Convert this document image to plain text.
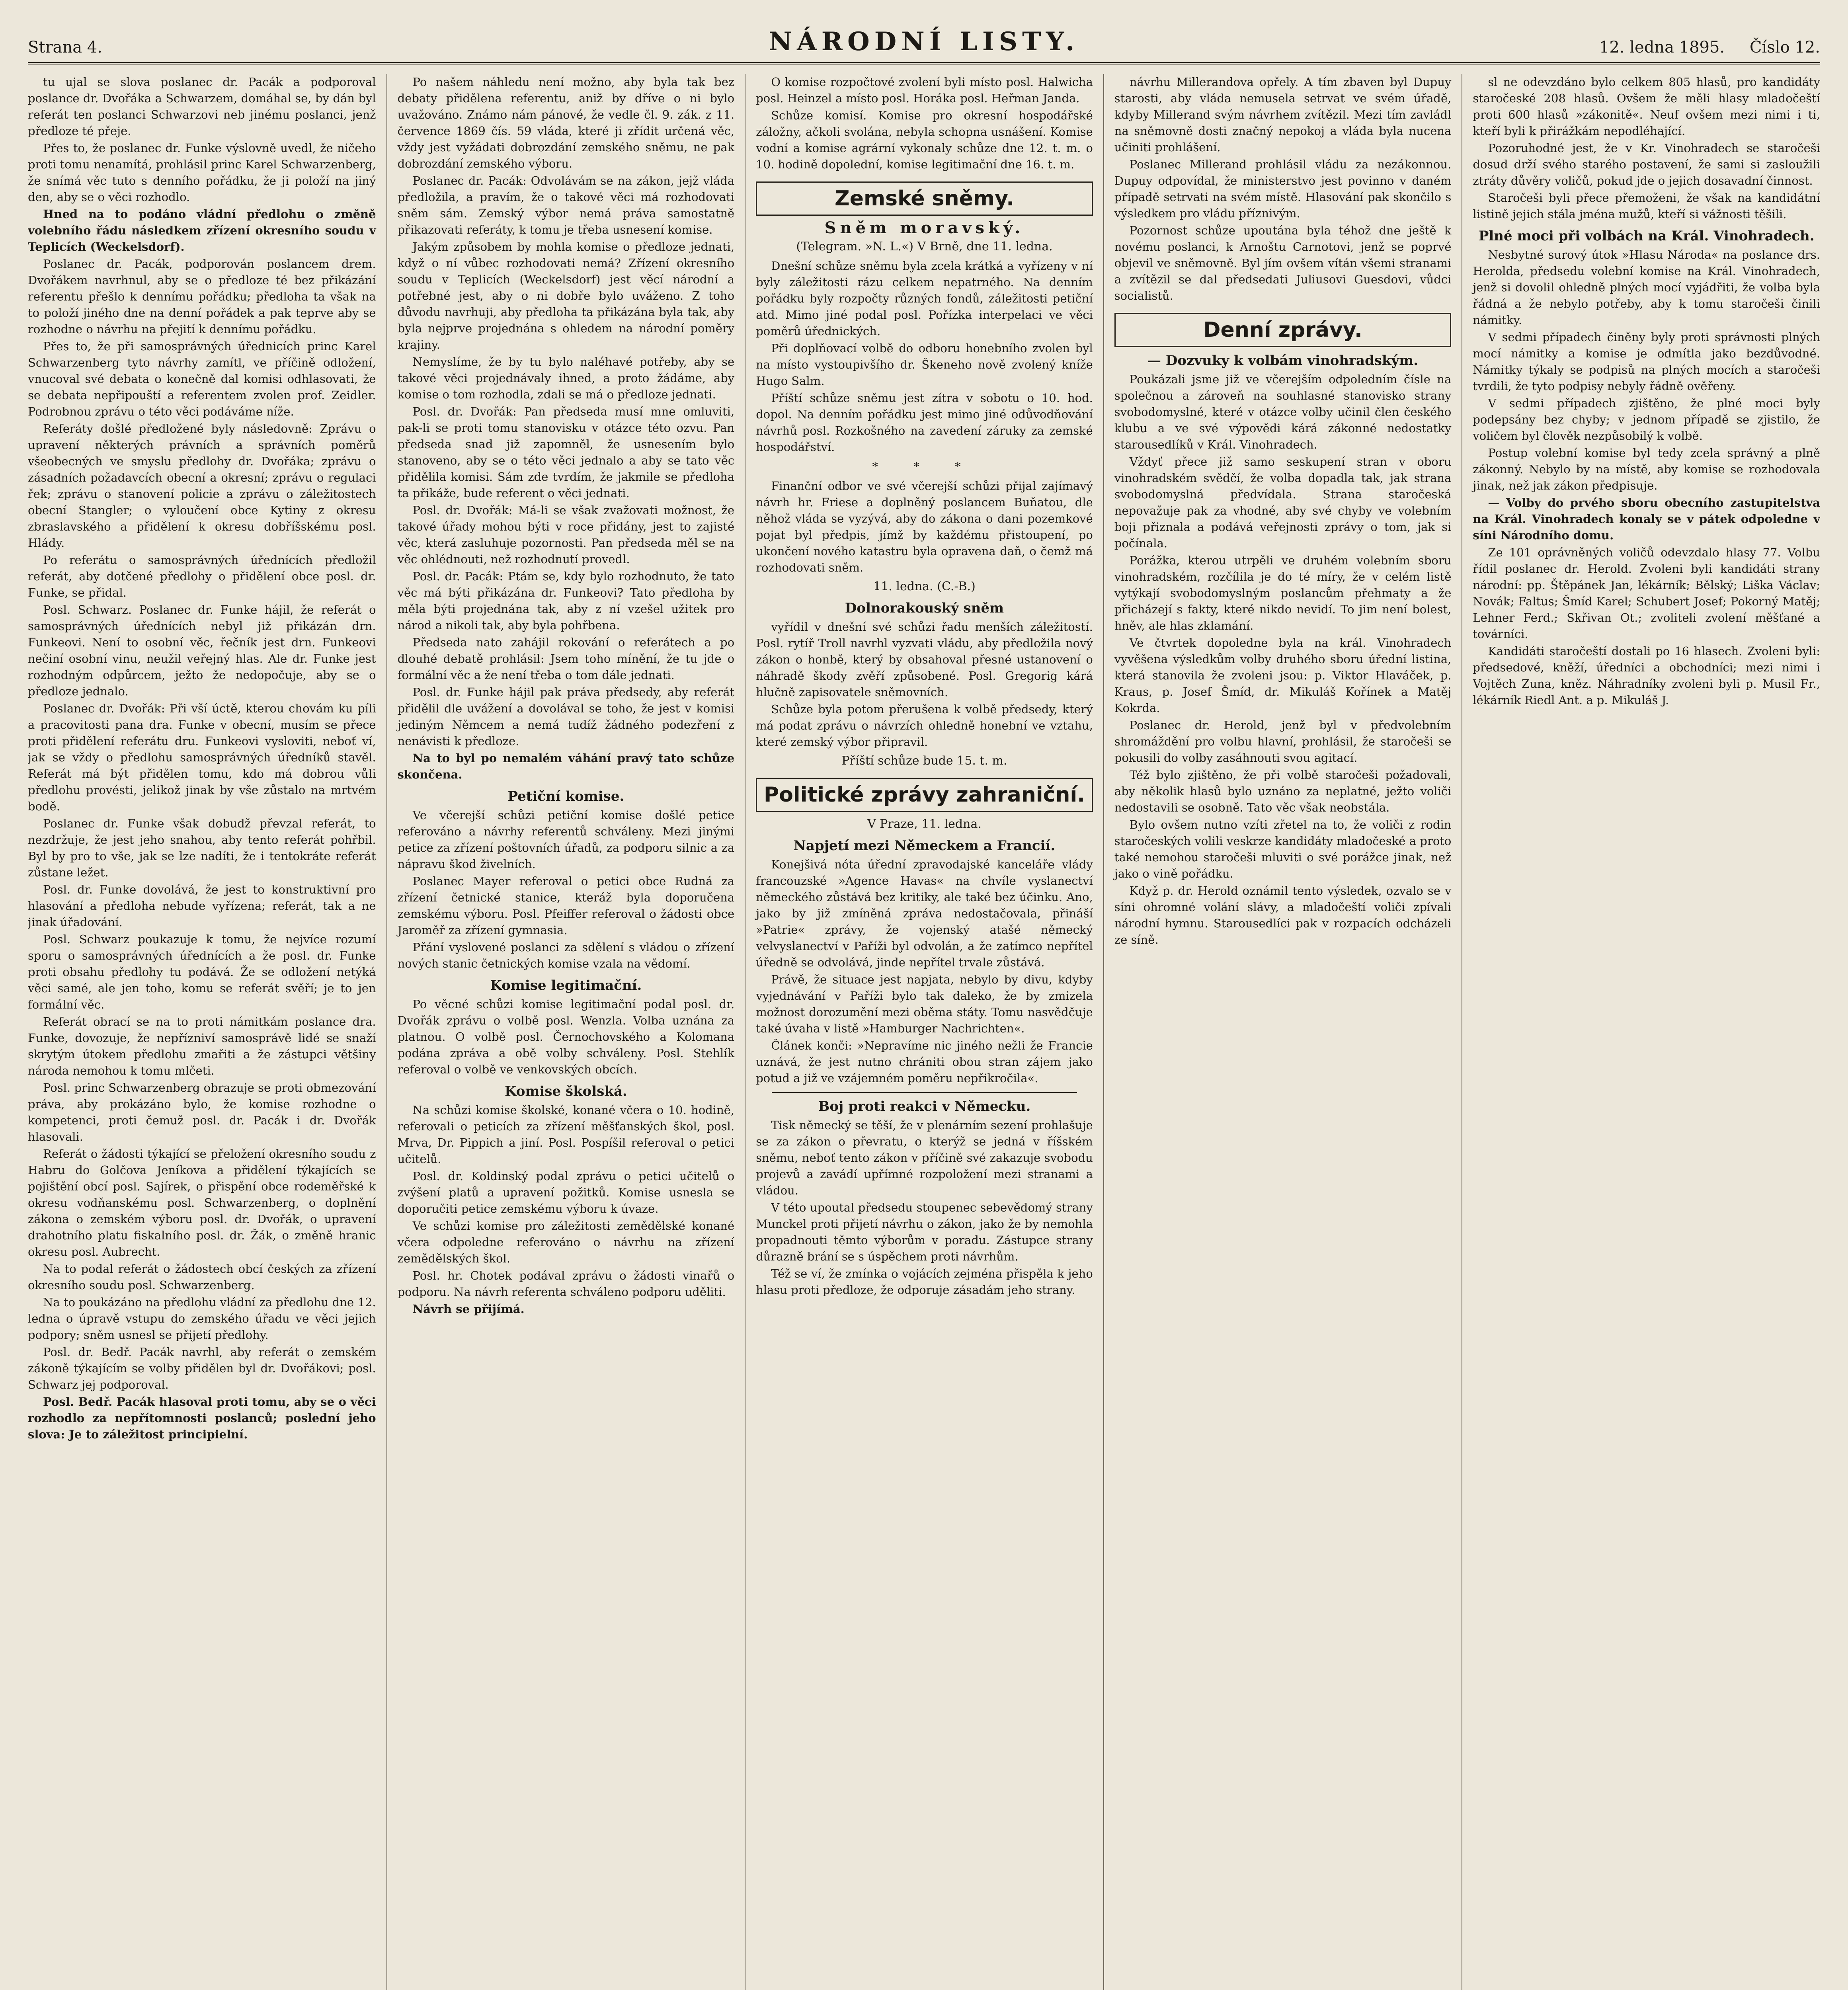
Strana 4.	NÁRODNÍ LISTY.	12. ledna 1895. Číslo 12.

tu ujal se slova poslanec dr. Pacák a podporoval poslance dr. Dvořáka a Schwarzem, domáhal se, by dán byl referát ten poslanci Schwarzovi neb jinému poslanci, jenž předloze té přeje.

Přes to, že poslanec dr. Funke výslovně uvedl, že ničeho proti tomu nenamítá, prohlásil princ Karel Schwarzenberg, že snímá věc tuto s denního pořádku, že ji položí na jiný den, aby se o věci rozhodlo.

Hned na to podáno vládní předlohu o změně volebního řádu následkem zřízení okresního soudu v Teplicích (Weckelsdorf).

Poslanec dr. Pacák, podporován poslancem drem. Dvořákem navrhnul, aby se o předloze té bez přikázání referentu přešlo k dennímu pořádku; předloha ta však na to položí jiného dne na denní pořádek a pak teprve aby se rozhodne o návrhu na přejití k dennímu pořádku.

Přes to, že při samosprávných úřednicích princ Karel Schwarzenberg tyto návrhy zamítl, ve příčině odložení, vnucoval své debata o konečně dal komisi odhlasovati, že se debata nepřipouští a referentem zvolen prof. Zeidler. Podrobnou zprávu o této věci podáváme níže.

Referáty došlé předložené byly následovně: Zprávu o upravení některých právních a správních poměrů všeobecných ve smyslu předlohy dr. Dvořáka; zprávu o zásadních požadavcích obecní a okresní; zprávu o regulaci řek; zprávu o stanovení policie a zprávu o záležitostech obecní Stangler; o vyloučení obce Kytiny z okresu zbraslavského a přidělení k okresu dobříšskému posl. Hlády.

Po referátu o samosprávných úřednících předložil referát, aby dotčené předlohy o přidělení obce posl. dr. Funke, se přidal.

Posl. Schwarz. Poslanec dr. Funke hájil, že referát o samosprávných úřednících nebyl již přikázán drn. Funkeovi. Není to osobní věc, řečník jest drn. Funkeovi nečiní osobní vinu, neužil veřejný hlas. Ale dr. Funke jest rozhodným odpůrcem, ježto že nedopočuje, aby se o předloze jednalo.

Poslanec dr. Dvořák: Při vší úctě, kterou chovám ku píli a pracovitosti pana dra. Funke v obecní, musím se přece proti přidělení referátu dru. Funkeovi vysloviti, neboť ví, jak se vždy o předlohu samosprávných úředníků stavěl. Referát má být přidělen tomu, kdo má dobrou vůli předlohu provésti, jelikož jinak by vše zůstalo na mrtvém bodě.

Poslanec dr. Funke však dobudž převzal referát, to nezdržuje, že jest jeho snahou, aby tento referát pohřbil. Byl by pro to vše, jak se lze nadíti, že i tentokráte referát zůstane ležet.

Posl. dr. Funke dovolává, že jest to konstruktivní pro hlasování a předloha nebude vyřízena; referát, tak a ne jinak úřadování.

Posl. Schwarz poukazuje k tomu, že nejvíce rozumí sporu o samosprávných úřednících a že posl. dr. Funke proti obsahu předlohy tu podává. Že se odložení netýká věci samé, ale jen toho, komu se referát svěří; je to jen formální věc.

Referát obrací se na to proti námitkám poslance dra. Funke, dovozuje, že nepřízniví samosprávě lidé se snaží skrytým útokem předlohu zmařiti a že zástupci většiny národa nemohou k tomu mlčeti.

Posl. princ Schwarzenberg obrazuje se proti obmezování práva, aby prokázáno bylo, že komise rozhodne o kompetenci, proti čemuž posl. dr. Pacák i dr. Dvořák hlasovali.

Referát o žádosti týkající se přeložení okresního soudu z Habru do Golčova Jeníkova a přidělení týkajících se pojištění obcí posl. Sajírek, o přispění obce rodeměřské k okresu vodňanskému posl. Schwarzenberg, o doplnění zákona o zemském výboru posl. dr. Dvořák, o upravení drahotního platu fiskalního posl. dr. Žák, o změně hranic okresu posl. Aubrecht.

Na to podal referát o žádostech obcí českých za zřízení okresního soudu posl. Schwarzenberg.

Na to poukázáno na předlohu vládní za předlohu dne 12. ledna o úpravě vstupu do zemského úřadu ve věci jejich podpory; sněm usnesl se přijetí předlohy.

Posl. dr. Bedř. Pacák navrhl, aby referát o zemském zákoně týkajícím se volby přidělen byl dr. Dvořákovi; posl. Schwarz jej podporoval.

Posl. Bedř. Pacák hlasoval proti tomu, aby se o věci rozhodlo za nepřítomnosti poslanců; poslední jeho slova: Je to záležitost principielní.

Po našem náhledu není možno, aby byla tak bez debaty přidělena referentu, aniž by dříve o ni bylo uvažováno. Známo nám pánové, že vedle čl. 9. zák. z 11. července 1869 čís. 59 vláda, které ji zřídit určená věc, vždy jest vyžádati dobrozdání zemského sněmu, ne pak dobrozdání zemského výboru.

Poslanec dr. Pacák: Odvolávám se na zákon, jejž vláda předložila, a pravím, že o takové věci má rozhodovati sněm sám. Zemský výbor nemá práva samostatně přikazovati referáty, k tomu je třeba usnesení komise.

Jakým způsobem by mohla komise o předloze jednati, když o ní vůbec rozhodovati nemá? Zřízení okresního soudu v Teplicích (Weckelsdorf) jest věcí národní a potřebné jest, aby o ni dobře bylo uváženo. Z toho důvodu navrhuji, aby předloha ta přikázána byla tak, aby byla nejprve projednána s ohledem na národní poměry krajiny.

Nemyslíme, že by tu bylo naléhavé potřeby, aby se takové věci projednávaly ihned, a proto žádáme, aby komise o tom rozhodla, zdali se má o předloze jednati.

Posl. dr. Dvořák: Pan předseda musí mne omluviti, pak-li se proti tomu stanovisku v otázce této ozvu. Pan předseda snad již zapomněl, že usnesením bylo stanoveno, aby se o této věci jednalo a aby se tato věc přidělila komisi. Sám zde tvrdím, že jakmile se předloha ta přikáže, bude referent o věci jednati.

Posl. dr. Dvořák: Má-li se však zvažovati možnost, že takové úřady mohou býti v roce přidány, jest to zajisté věc, která zasluhuje pozornosti. Pan předseda měl se na věc ohlédnouti, než rozhodnutí provedl.

Posl. dr. Pacák: Ptám se, kdy bylo rozhodnuto, že tato věc má býti přikázána dr. Funkeovi? Tato předloha by měla býti projednána tak, aby z ní vzešel užitek pro národ a nikoli tak, aby byla pohřbena.

Předseda nato zahájil rokování o referátech a po dlouhé debatě prohlásil: Jsem toho mínění, že tu jde o formální věc a že není třeba o tom dále jednati.

Posl. dr. Funke hájil pak práva předsedy, aby referát přidělil dle uvážení a dovolával se toho, že jest v komisi jediným Němcem a nemá tudíž žádného podezření z nenávisti k předloze.

Na to byl po nemalém váhání pravý tato schůze skončena.

Petiční komise.

Ve včerejší schůzi petiční komise došlé petice referováno a návrhy referentů schváleny. Mezi jinými petice za zřízení poštovních úřadů, za podporu silnic a za nápravu škod živelních.

Poslanec Mayer referoval o petici obce Rudná za zřízení četnické stanice, kteráž byla doporučena zemskému výboru. Posl. Pfeiffer referoval o žádosti obce Jaroměř za zřízení gymnasia.

Přání vyslovené poslanci za sdělení s vládou o zřízení nových stanic četnických komise vzala na vědomí.

Komise legitimační.

Po věcné schůzi komise legitimační podal posl. dr. Dvořák zprávu o volbě posl. Wenzla. Volba uznána za platnou. O volbě posl. Černochovského a Kolomana podána zpráva a obě volby schváleny. Posl. Stehlík referoval o volbě ve venkovských obcích.

Komise školská.

Na schůzi komise školské, konané včera o 10. hodině, referovali o peticích za zřízení měšťanských škol, posl. Mrva, Dr. Pippich a jiní. Posl. Pospíšil referoval o petici učitelů.

Posl. dr. Koldinský podal zprávu o petici učitelů o zvýšení platů a upravení požitků. Komise usnesla se doporučiti petice zemskému výboru k úvaze.

Ve schůzi komise pro záležitosti zemědělské konané včera odpoledne referováno o návrhu na zřízení zemědělských škol.

Posl. hr. Chotek podával zprávu o žádosti vinařů o podporu. Na návrh referenta schváleno podporu uděliti.

Návrh se přijímá.

O komise rozpočtové zvolení byli místo posl. Halwicha posl. Heinzel a místo posl. Horáka posl. Heřman Janda.

Schůze komisí. Komise pro okresní hospodářské záložny, ačkoli svolána, nebyla schopna usnášení. Komise vodní a komise agrární vykonaly schůze dne 12. t. m. o 10. hodině dopolední, komise legitimační dne 16. t. m.

Zemské sněmy.
Sněm moravský.
(Telegram. »N. L.«) V Brně, dne 11. ledna.

Dnešní schůze sněmu byla zcela krátká a vyřízeny v ní byly záležitosti rázu celkem nepatrného. Na denním pořádku byly rozpočty různých fondů, záležitosti petiční atd. Mimo jiné podal posl. Pořízka interpelaci ve věci poměrů úřednických.

Při doplňovací volbě do odboru honebního zvolen byl na místo vystoupivšího dr. Škeneho nově zvolený kníže Hugo Salm.

Příští schůze sněmu jest zítra v sobotu o 10. hod. dopol. Na denním pořádku jest mimo jiné odůvodňování návrhů posl. Rozkošného na zavedení záruky za zemské hospodářství.

* * *

Finanční odbor ve své včerejší schůzi přijal zajímavý návrh hr. Friese a doplněný poslancem Buňatou, dle něhož vláda se vyzývá, aby do zákona o dani pozemkové pojat byl předpis, jímž by každému přistoupení, po ukončení nového katastru byla opravena daň, o čemž má rozhodovati sněm.

11. ledna. (C.-B.)
Dolnorakouský sněm

vyřídil v dnešní své schůzi řadu menších záležitostí. Posl. rytíř Troll navrhl vyzvati vládu, aby předložila nový zákon o honbě, který by obsahoval přesné ustanovení o náhradě škody zvěří způsobené. Posl. Gregorig kárá hlučně zapisovatele sněmovních.

Schůze byla potom přerušena k volbě předsedy, který má podat zprávu o návrzích ohledně honební ve vztahu, které zemský výbor připravil.

Příští schůze bude 15. t. m.
Politické zprávy zahraniční.
V Praze, 11. ledna.
Napjetí mezi Německem a Francií.

Konejšivá nóta úřední zpravodajské kanceláře vlády francouzské »Agence Havas« na chvíle vyslanectví německého zůstává bez kritiky, ale také bez účinku. Ano, jako by již zmíněná zpráva nedostačovala, přináší »Patrie« zprávy, že vojenský atašé německý velvyslanectví v Paříži byl odvolán, a že zatímco nepřítel úředně se odvolává, jinde nepřítel trvale zůstává.

Právě, že situace jest napjata, nebylo by divu, kdyby vyjednávání v Paříži bylo tak daleko, že by zmizela možnost dorozumění mezi oběma státy. Tomu nasvědčuje také úvaha v listě »Hamburger Nachrichten«.

Článek konči: »Nepravíme nic jiného nežli že Francie uznává, že jest nutno chrániti obou stran zájem jako potud a již ve vzájemném poměru nepřikročila«.

Boj proti reakci v Německu.

Tisk německý se těší, že v plenárním sezení prohlašuje se za zákon o převratu, o kterýž se jedná v říšském sněmu, neboť tento zákon v příčině své zakazuje svobodu projevů a zavádí upřímné rozpoložení mezi stranami a vládou.

V této upoutal předsedu stoupenec sebevědomý strany Munckel proti přijetí návrhu o zákon, jako že by nemohla propadnouti těmto výborům v poradu. Zástupce strany důrazně brání se s úspěchem proti návrhům.

Též se ví, že zmínka o vojácích zejména přispěla k jeho hlasu proti předloze, že odporuje zásadám jeho strany.

návrhu Millerandova opřely. A tím zbaven byl Dupuy starosti, aby vláda nemusela setrvat ve svém úřadě, kdyby Millerand svým návrhem zvítězil. Mezi tím zavládl na sněmovně dosti značný nepokoj a vláda byla nucena učiniti prohlášení.

Poslanec Millerand prohlásil vládu za nezákonnou. Dupuy odpovídal, že ministerstvo jest povinno v daném případě setrvati na svém místě. Hlasování pak skončilo s výsledkem pro vládu příznivým.

Pozornost schůze upoutána byla téhož dne ještě k novému poslanci, k Arnoštu Carnotovi, jenž se poprvé objevil ve sněmovně. Byl jím ovšem vítán všemi stranami a zvítězil se dal předsedati Juliusovi Guesdovi, vůdci socialistů.

Denní zprávy.
— Dozvuky k volbám vinohradským.

Poukázali jsme již ve včerejším odpoledním čísle na společnou a zároveň na souhlasné stanovisko strany svobodomyslné, které v otázce volby učinil člen českého klubu a ve své výpovědi kárá zákonné nedostatky starousedlíků v Král. Vinohradech.

Vždyť přece již samo seskupení stran v oboru vinohradském svědčí, že volba dopadla tak, jak strana svobodomyslná předvídala. Strana staročeská nepovažuje pak za vhodné, aby své chyby ve volebním boji přiznala a podává veřejnosti zprávy o tom, jak si počínala.

Porážka, kterou utrpěli ve druhém volebním sboru vinohradském, rozčílila je do té míry, že v celém listě vytýkají svobodomyslným poslancům přehmaty a že přicházejí s fakty, které nikdo nevidí. To jim není bolest, hněv, ale hlas zklamání.

Ve čtvrtek dopoledne byla na král. Vinohradech vyvěšena výsledkům volby druhého sboru úřední listina, která stanovila že zvoleni jsou: p. Viktor Hlaváček, p. Kraus, p. Josef Šmíd, dr. Mikuláš Kořínek a Matěj Kokrda.

Poslanec dr. Herold, jenž byl v předvolebním shromáždění pro volbu hlavní, prohlásil, že staročeši se pokusili do volby zasáhnouti svou agitací.

Též bylo zjištěno, že při volbě staročeši požadovali, aby několik hlasů bylo uznáno za neplatné, ježto voliči nedostavili se osobně. Tato věc však neobstála.

Bylo ovšem nutno vzíti zřetel na to, že voliči z rodin staročeských volili veskrze kandidáty mladočeské a proto také nemohou staročeši mluviti o své porážce jinak, než jako o vině pořádku.

Když p. dr. Herold oznámil tento výsledek, ozvalo se v síni ohromné volání slávy, a mladočeští voliči zpívali národní hymnu. Starousedlíci pak v rozpacích odcházeli ze síně.

sl ne odevzdáno bylo celkem 805 hlasů, pro kandidáty staročeské 208 hlasů. Ovšem že měli hlasy mladočeští proti 600 hlasů »zákonitě«. Neuf ovšem mezi nimi i ti, kteří byli k přirážkám nepodléhající.

Pozoruhodné jest, že v Kr. Vinohradech se staročeši dosud drží svého starého postavení, že sami si zasloužili ztráty důvěry voličů, pokud jde o jejich dosavadní činnost.

Staročeši byli přece přemoženi, že však na kandidátní listině jejich stála jména mužů, kteří si vážnosti těšili.

Plné moci při volbách na Král. Vinohradech.

Nesbytné surový útok »Hlasu Národa« na poslance drs. Herolda, předsedu volební komise na Král. Vinohradech, jenž si dovolil ohledně plných mocí vyjádřiti, že volba byla řádná a že nebylo potřeby, aby k tomu staročeši činili námitky.

V sedmi případech činěny byly proti správnosti plných mocí námitky a komise je odmítla jako bezdůvodné. Námitky týkaly se podpisů na plných mocích a staročeši tvrdili, že tyto podpisy nebyly řádně ověřeny.

V sedmi případech zjištěno, že plné moci byly podepsány bez chyby; v jednom případě se zjistilo, že voličem byl člověk nezpůsobilý k volbě.

Postup volební komise byl tedy zcela správný a plně zákonný. Nebylo by na místě, aby komise se rozhodovala jinak, než jak zákon předpisuje.

— Volby do prvého sboru obecního zastupitelstva na Král. Vinohradech konaly se v pátek odpoledne v síni Národního domu.

Ze 101 oprávněných voličů odevzdalo hlasy 77. Volbu řídil poslanec dr. Herold. Zvoleni byli kandidáti strany národní: pp. Štěpánek Jan, lékárník; Bělský; Liška Václav; Novák; Faltus; Šmíd Karel; Schubert Josef; Pokorný Matěj; Lehner Ferd.; Skřivan Ot.; zvoliteli zvolení měšťané a továrníci.

Kandidáti staročeští dostali po 16 hlasech. Zvoleni byli: předsedové, kněží, úředníci a obchodníci; mezi nimi i Vojtěch Zuna, kněz. Náhradníky zvoleni byli p. Musil Fr., lékárník Riedl Ant. a p. Mikuláš J.
